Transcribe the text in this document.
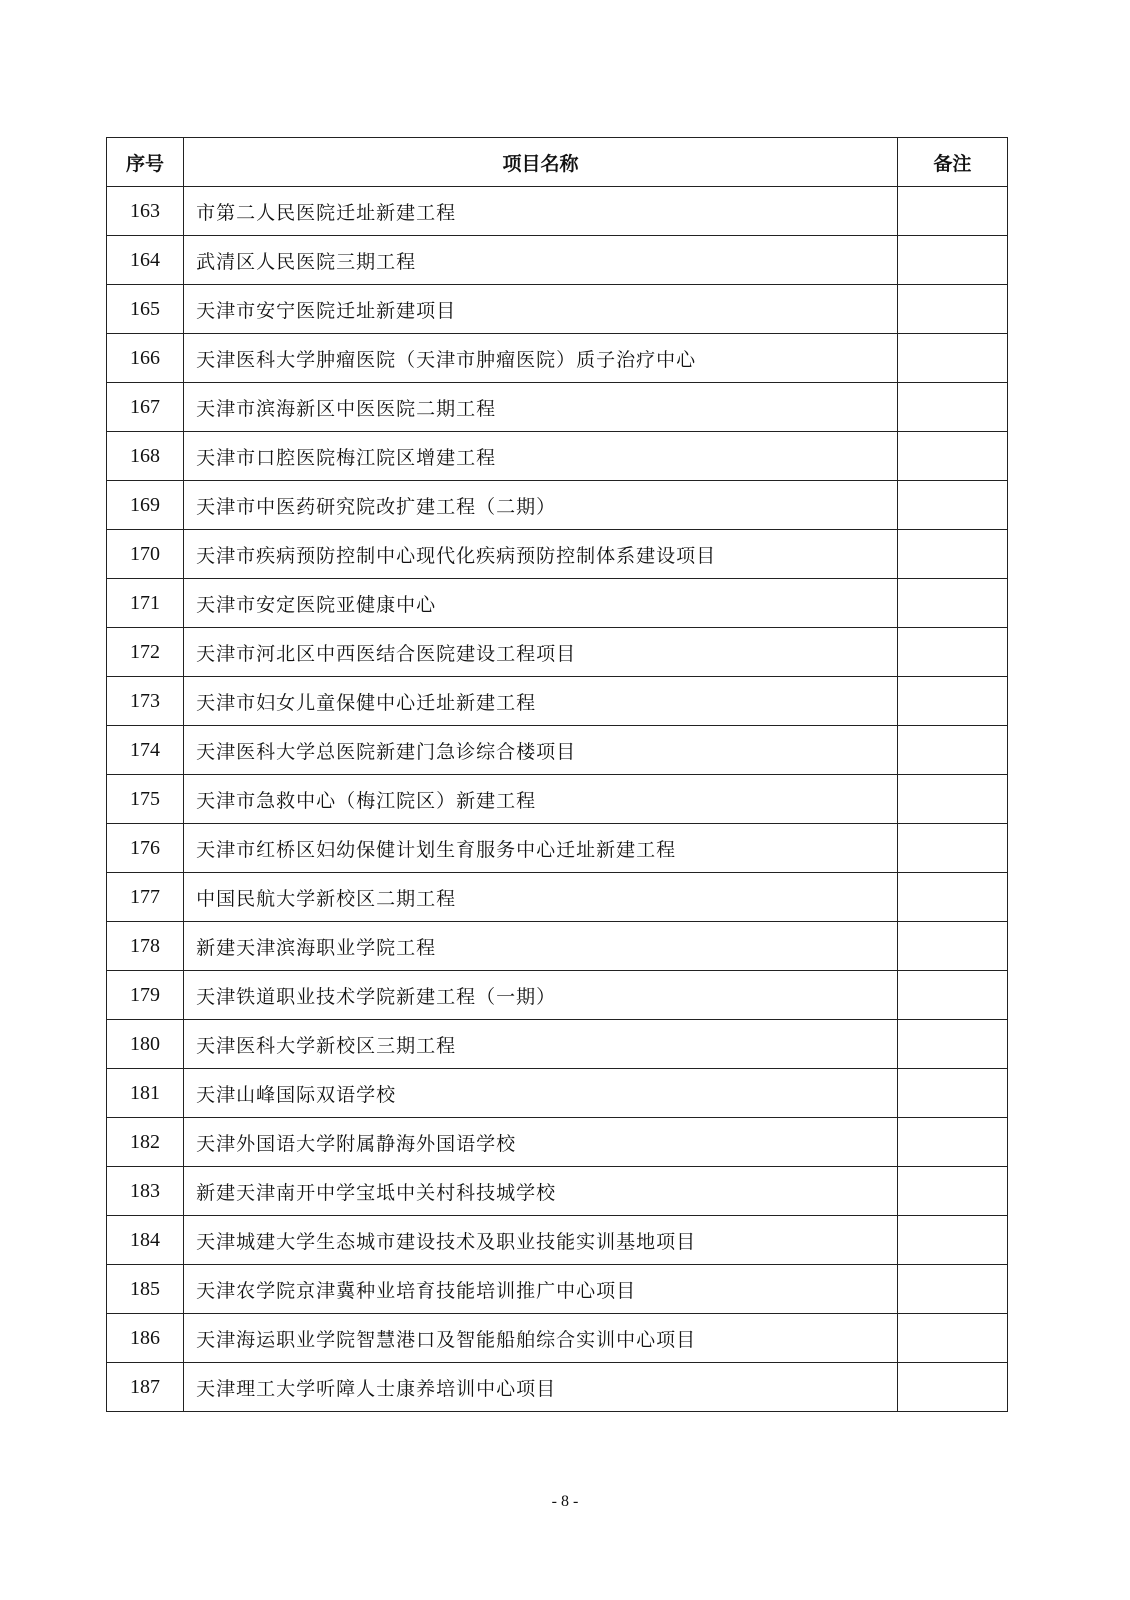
序号	项目名称	备注
163	市第二人民医院迁址新建工程	
164	武清区人民医院三期工程	
165	天津市安宁医院迁址新建项目	
166	天津医科大学肿瘤医院（天津市肿瘤医院）质子治疗中心	
167	天津市滨海新区中医医院二期工程	
168	天津市口腔医院梅江院区增建工程	
169	天津市中医药研究院改扩建工程（二期）	
170	天津市疾病预防控制中心现代化疾病预防控制体系建设项目	
171	天津市安定医院亚健康中心	
172	天津市河北区中西医结合医院建设工程项目	
173	天津市妇女儿童保健中心迁址新建工程	
174	天津医科大学总医院新建门急诊综合楼项目	
175	天津市急救中心（梅江院区）新建工程	
176	天津市红桥区妇幼保健计划生育服务中心迁址新建工程	
177	中国民航大学新校区二期工程	
178	新建天津滨海职业学院工程	
179	天津铁道职业技术学院新建工程（一期）	
180	天津医科大学新校区三期工程	
181	天津山峰国际双语学校	
182	天津外国语大学附属静海外国语学校	
183	新建天津南开中学宝坻中关村科技城学校	
184	天津城建大学生态城市建设技术及职业技能实训基地项目	
185	天津农学院京津冀种业培育技能培训推广中心项目	
186	天津海运职业学院智慧港口及智能船舶综合实训中心项目	
187	天津理工大学听障人士康养培训中心项目	
- 8 -
